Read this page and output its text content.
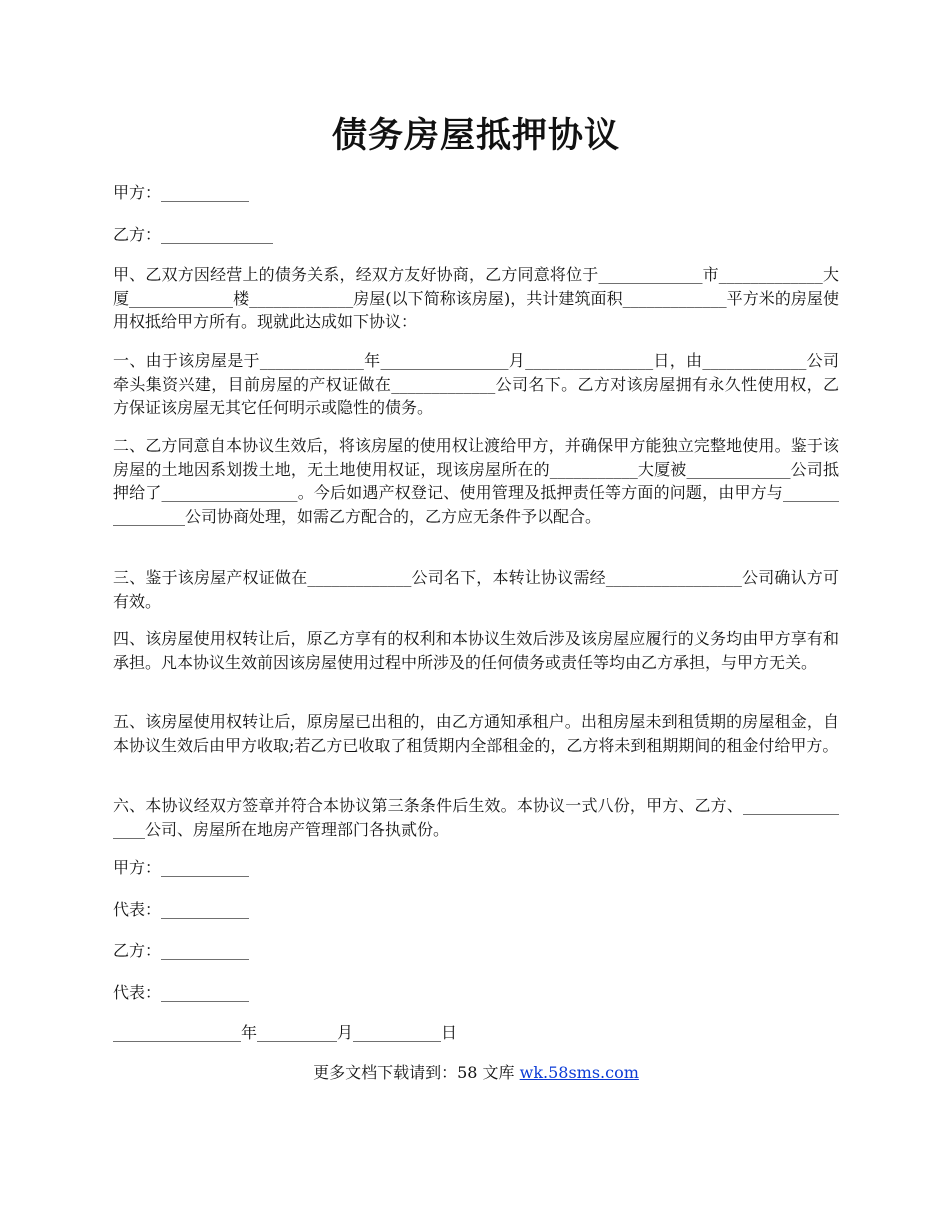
债务房屋抵押协议
甲方：___________
乙方：______________
甲、乙双方因经营上的债务关系，经双方友好协商，乙方同意将位于_____________市_____________大厦_____________楼_____________房屋(以下简称该房屋)，共计建筑面积_____________平方米的房屋使用权抵给甲方所有。现就此达成如下协议：
一、由于该房屋是于_____________年________________月________________日，由_____________公司牵头集资兴建，目前房屋的产权证做在_____________公司名下。乙方对该房屋拥有永久性使用权，乙方保证该房屋无其它任何明示或隐性的债务。
二、乙方同意自本协议生效后，将该房屋的使用权让渡给甲方，并确保甲方能独立完整地使用。鉴于该房屋的土地因系划拨土地，无土地使用权证，现该房屋所在的___________大厦被_____________公司抵押给了_________________。今后如遇产权登记、使用管理及抵押责任等方面的问题，由甲方与________________公司协商处理，如需乙方配合的，乙方应无条件予以配合。
三、鉴于该房屋产权证做在_____________公司名下，本转让协议需经_________________公司确认方可有效。
四、该房屋使用权转让后，原乙方享有的权利和本协议生效后涉及该房屋应履行的义务均由甲方享有和承担。凡本协议生效前因该房屋使用过程中所涉及的任何债务或责任等均由乙方承担，与甲方无关。
五、该房屋使用权转让后，原房屋已出租的，由乙方通知承租户。出租房屋未到租赁期的房屋租金，自本协议生效后由甲方收取;若乙方已收取了租赁期内全部租金的，乙方将未到租期期间的租金付给甲方。
六、本协议经双方签章并符合本协议第三条条件后生效。本协议一式八份，甲方、乙方、________________公司、房屋所在地房产管理部门各执贰份。
甲方：___________
代表：___________
乙方：___________
代表：___________
________________年__________月___________日
更多文档下载请到：58 文库 wk.58sms.com
